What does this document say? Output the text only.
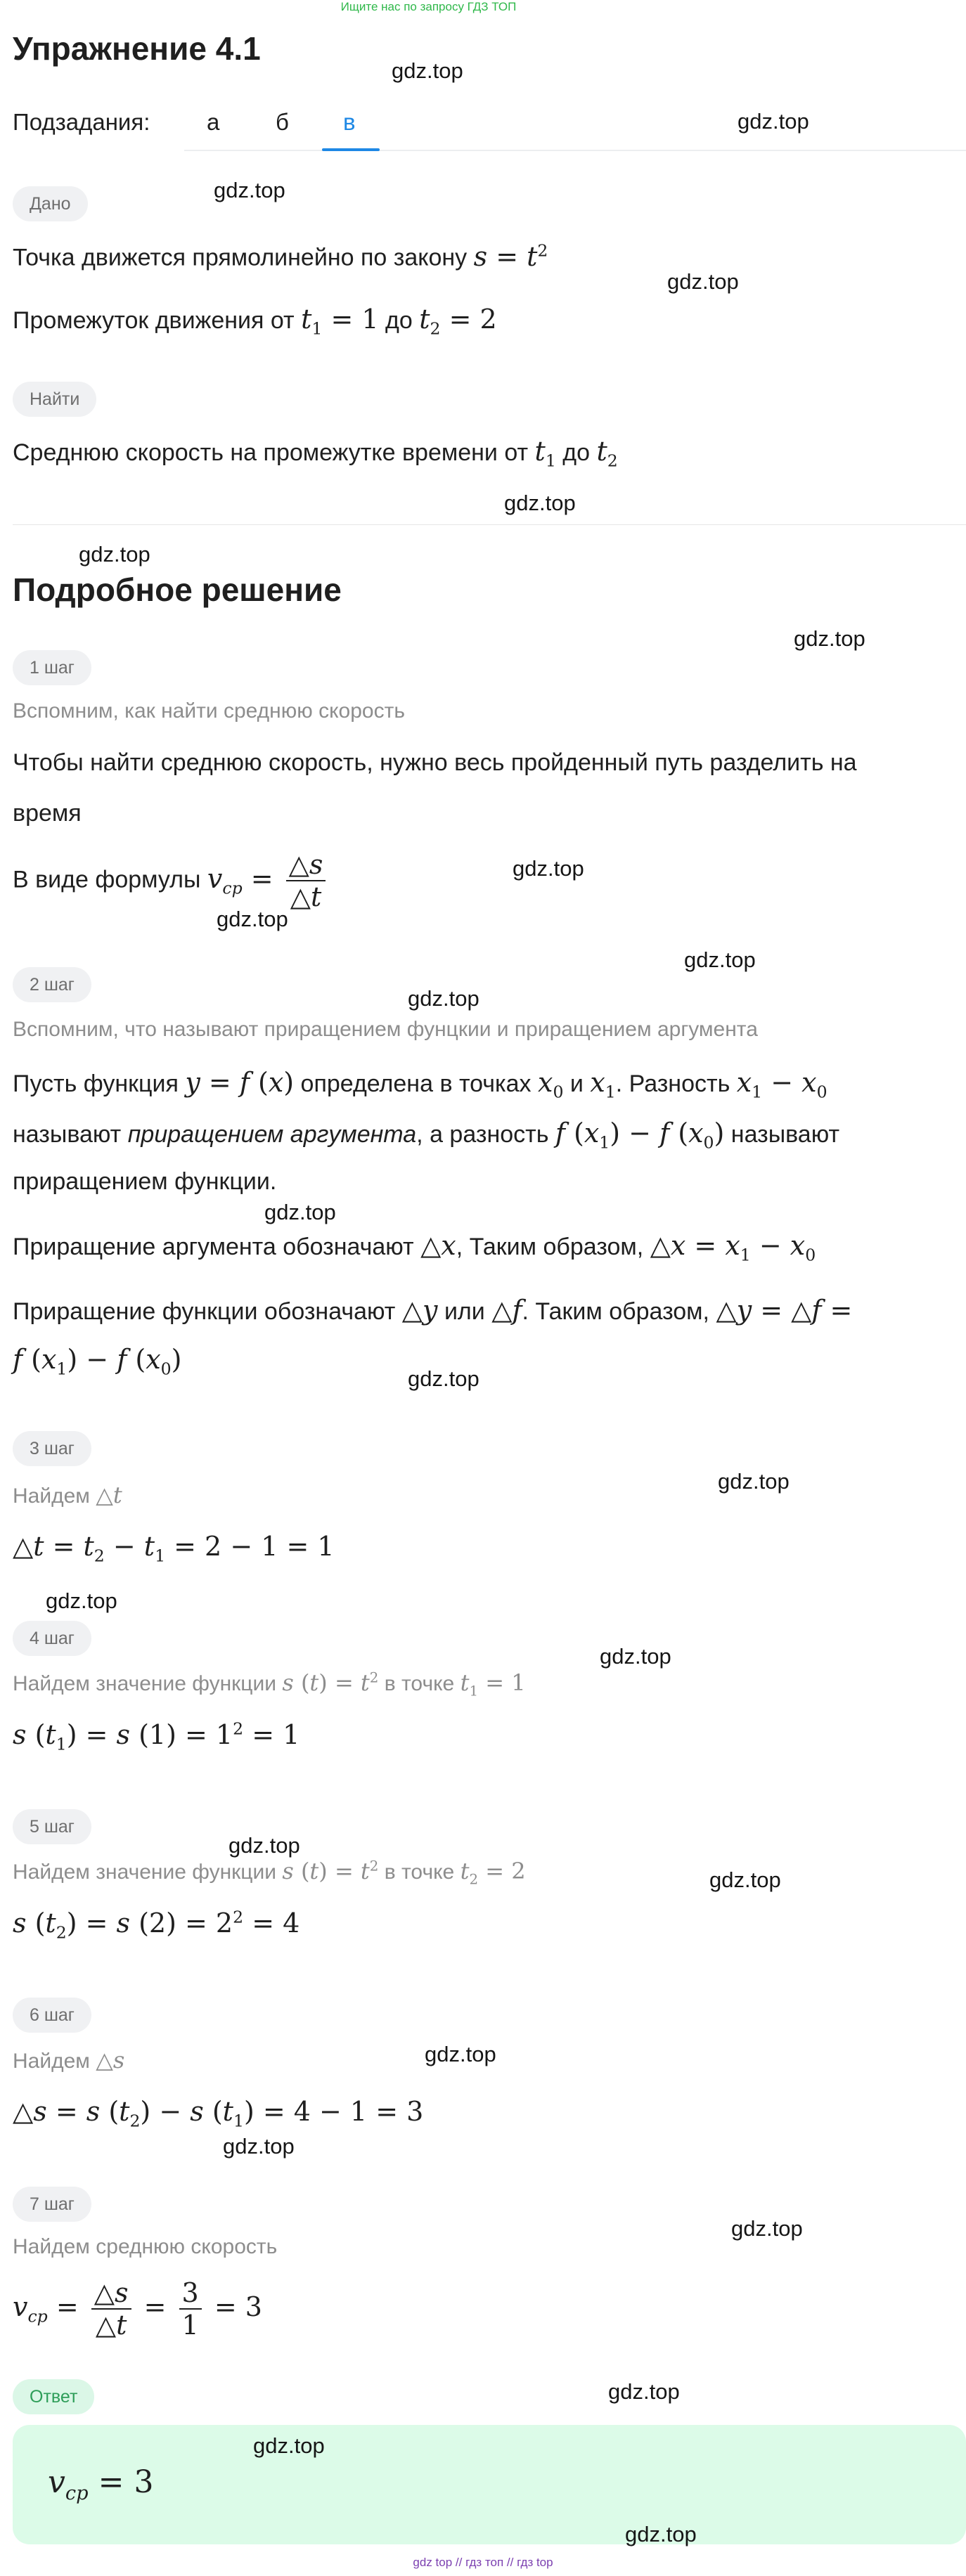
Ищите нас по запросу ГДЗ ТОП
Упражнение 4.1
Подзадания: а б в
Дано
Точка движется прямолинейно по закону $s = t^2$
Промежуток движения от $t_1 = 1$ до $t_2 = 2$
Найти
Среднюю скорость на промежутке времени от $t_1$ до $t_2$
Подробное решение
1 шаг
Вспомним, как найти среднюю скорость
Чтобы найти среднюю скорость, нужно весь пройденный путь разделить на
время
В виде формулы $v_{cp} = \frac{\triangle s}{\triangle t}$
2 шаг
Вспомним, что называют приращением фунцкии и приращением аргумента
Пусть функция y = f (x) определена в точках $x_0$ и $x_1$. Разность $x_1 - x_0$
называют приращением аргумента, а разность f $(x_1) - f$ $(x_0)$ называют
приращением функции.
Приращение аргумента обозначают △x, Таким образом, △x = $x_1 - x_0$
Приращение функции обозначают △y или △f. Таким образом, △y = △f =
f $(x_1) - f$ $(x_0)$
3 шаг
Найдем △t
△t = $t_2 - t_1 = 2 - 1 = 1$
4 шаг
Найдем значение функции s $(t) = t^2$ в точке $t_1 = 1$
s $(t_1) = s$ $(1) = 1^2 = 1$
5 шаг
Найдем значение функции s $(t) = t^2$ в точке $t_2 = 2$
s $(t_2) = s$ $(2) = 2^2 = 4$
6 шаг
Найдем △s
△s = s $(t_2) - s$ $(t_1) = 4 - 1 = 3$
7 шаг
Найдем среднюю скорость
$v_{cp} = \frac{\triangle s}{\triangle t} = \frac{3}{1} = 3$
Ответ
$v_{cp} = 3$
gdz.top
gdz.top
gdz.top
gdz.top
gdz.top
gdz.top
gdz.top
gdz.top
gdz.top
gdz.top
gdz.top
gdz.top
gdz.top
gdz.top
gdz.top
gdz.top
gdz.top
gdz.top
gdz.top
gdz.top
gdz.top
gdz.top
gdz.top
gdz.top
gdz top // гдз топ // гдз top
